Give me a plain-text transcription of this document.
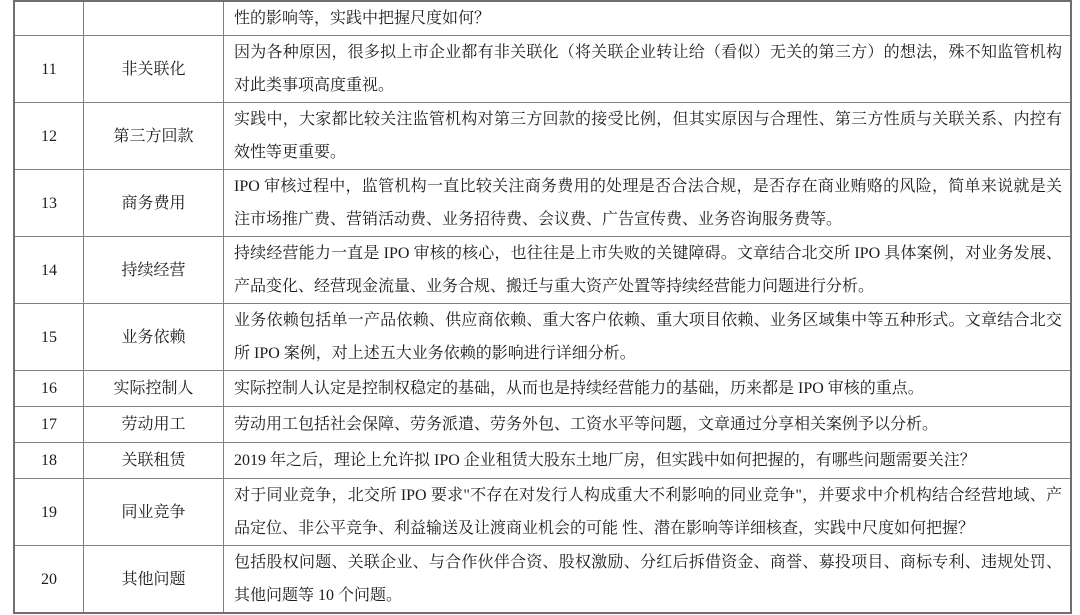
		性的影响等，实践中把握尺度如何？
11	非关联化	因为各种原因，很多拟上市企业都有非关联化（将关联企业转让给（看似）无关的第三方）的想法，殊不知监管机构对此类事项高度重视。
12	第三方回款	实践中，大家都比较关注监管机构对第三方回款的接受比例，但其实原因与合理性、第三方性质与关联关系、内控有效性等更重要。
13	商务费用	IPO 审核过程中，监管机构一直比较关注商务费用的处理是否合法合规，是否存在商业贿赂的风险，简单来说就是关注市场推广费、营销活动费、业务招待费、会议费、广告宣传费、业务咨询服务费等。
14	持续经营	持续经营能力一直是 IPO 审核的核心，也往往是上市失败的关键障碍。文章结合北交所 IPO 具体案例，对业务发展、产品变化、经营现金流量、业务合规、搬迁与重大资产处置等持续经营能力问题进行分析。
15	业务依赖	业务依赖包括单一产品依赖、供应商依赖、重大客户依赖、重大项目依赖、业务区域集中等五种形式。文章结合北交所 IPO 案例，对上述五大业务依赖的影响进行详细分析。
16	实际控制人	实际控制人认定是控制权稳定的基础，从而也是持续经营能力的基础，历来都是 IPO 审核的重点。
17	劳动用工	劳动用工包括社会保障、劳务派遣、劳务外包、工资水平等问题，文章通过分享相关案例予以分析。
18	关联租赁	2019 年之后，理论上允许拟 IPO 企业租赁大股东土地厂房，但实践中如何把握的，有哪些问题需要关注？
19	同业竞争	对于同业竞争，北交所 IPO 要求"不存在对发行人构成重大不利影响的同业竞争"，并要求中介机构结合经营地域、产品定位、非公平竞争、利益输送及让渡商业机会的可能 性、潜在影响等详细核查，实践中尺度如何把握？
20	其他问题	包括股权问题、关联企业、与合作伙伴合资、股权激励、分红后拆借资金、商誉、募投项目、商标专利、违规处罚、其他问题等 10 个问题。
